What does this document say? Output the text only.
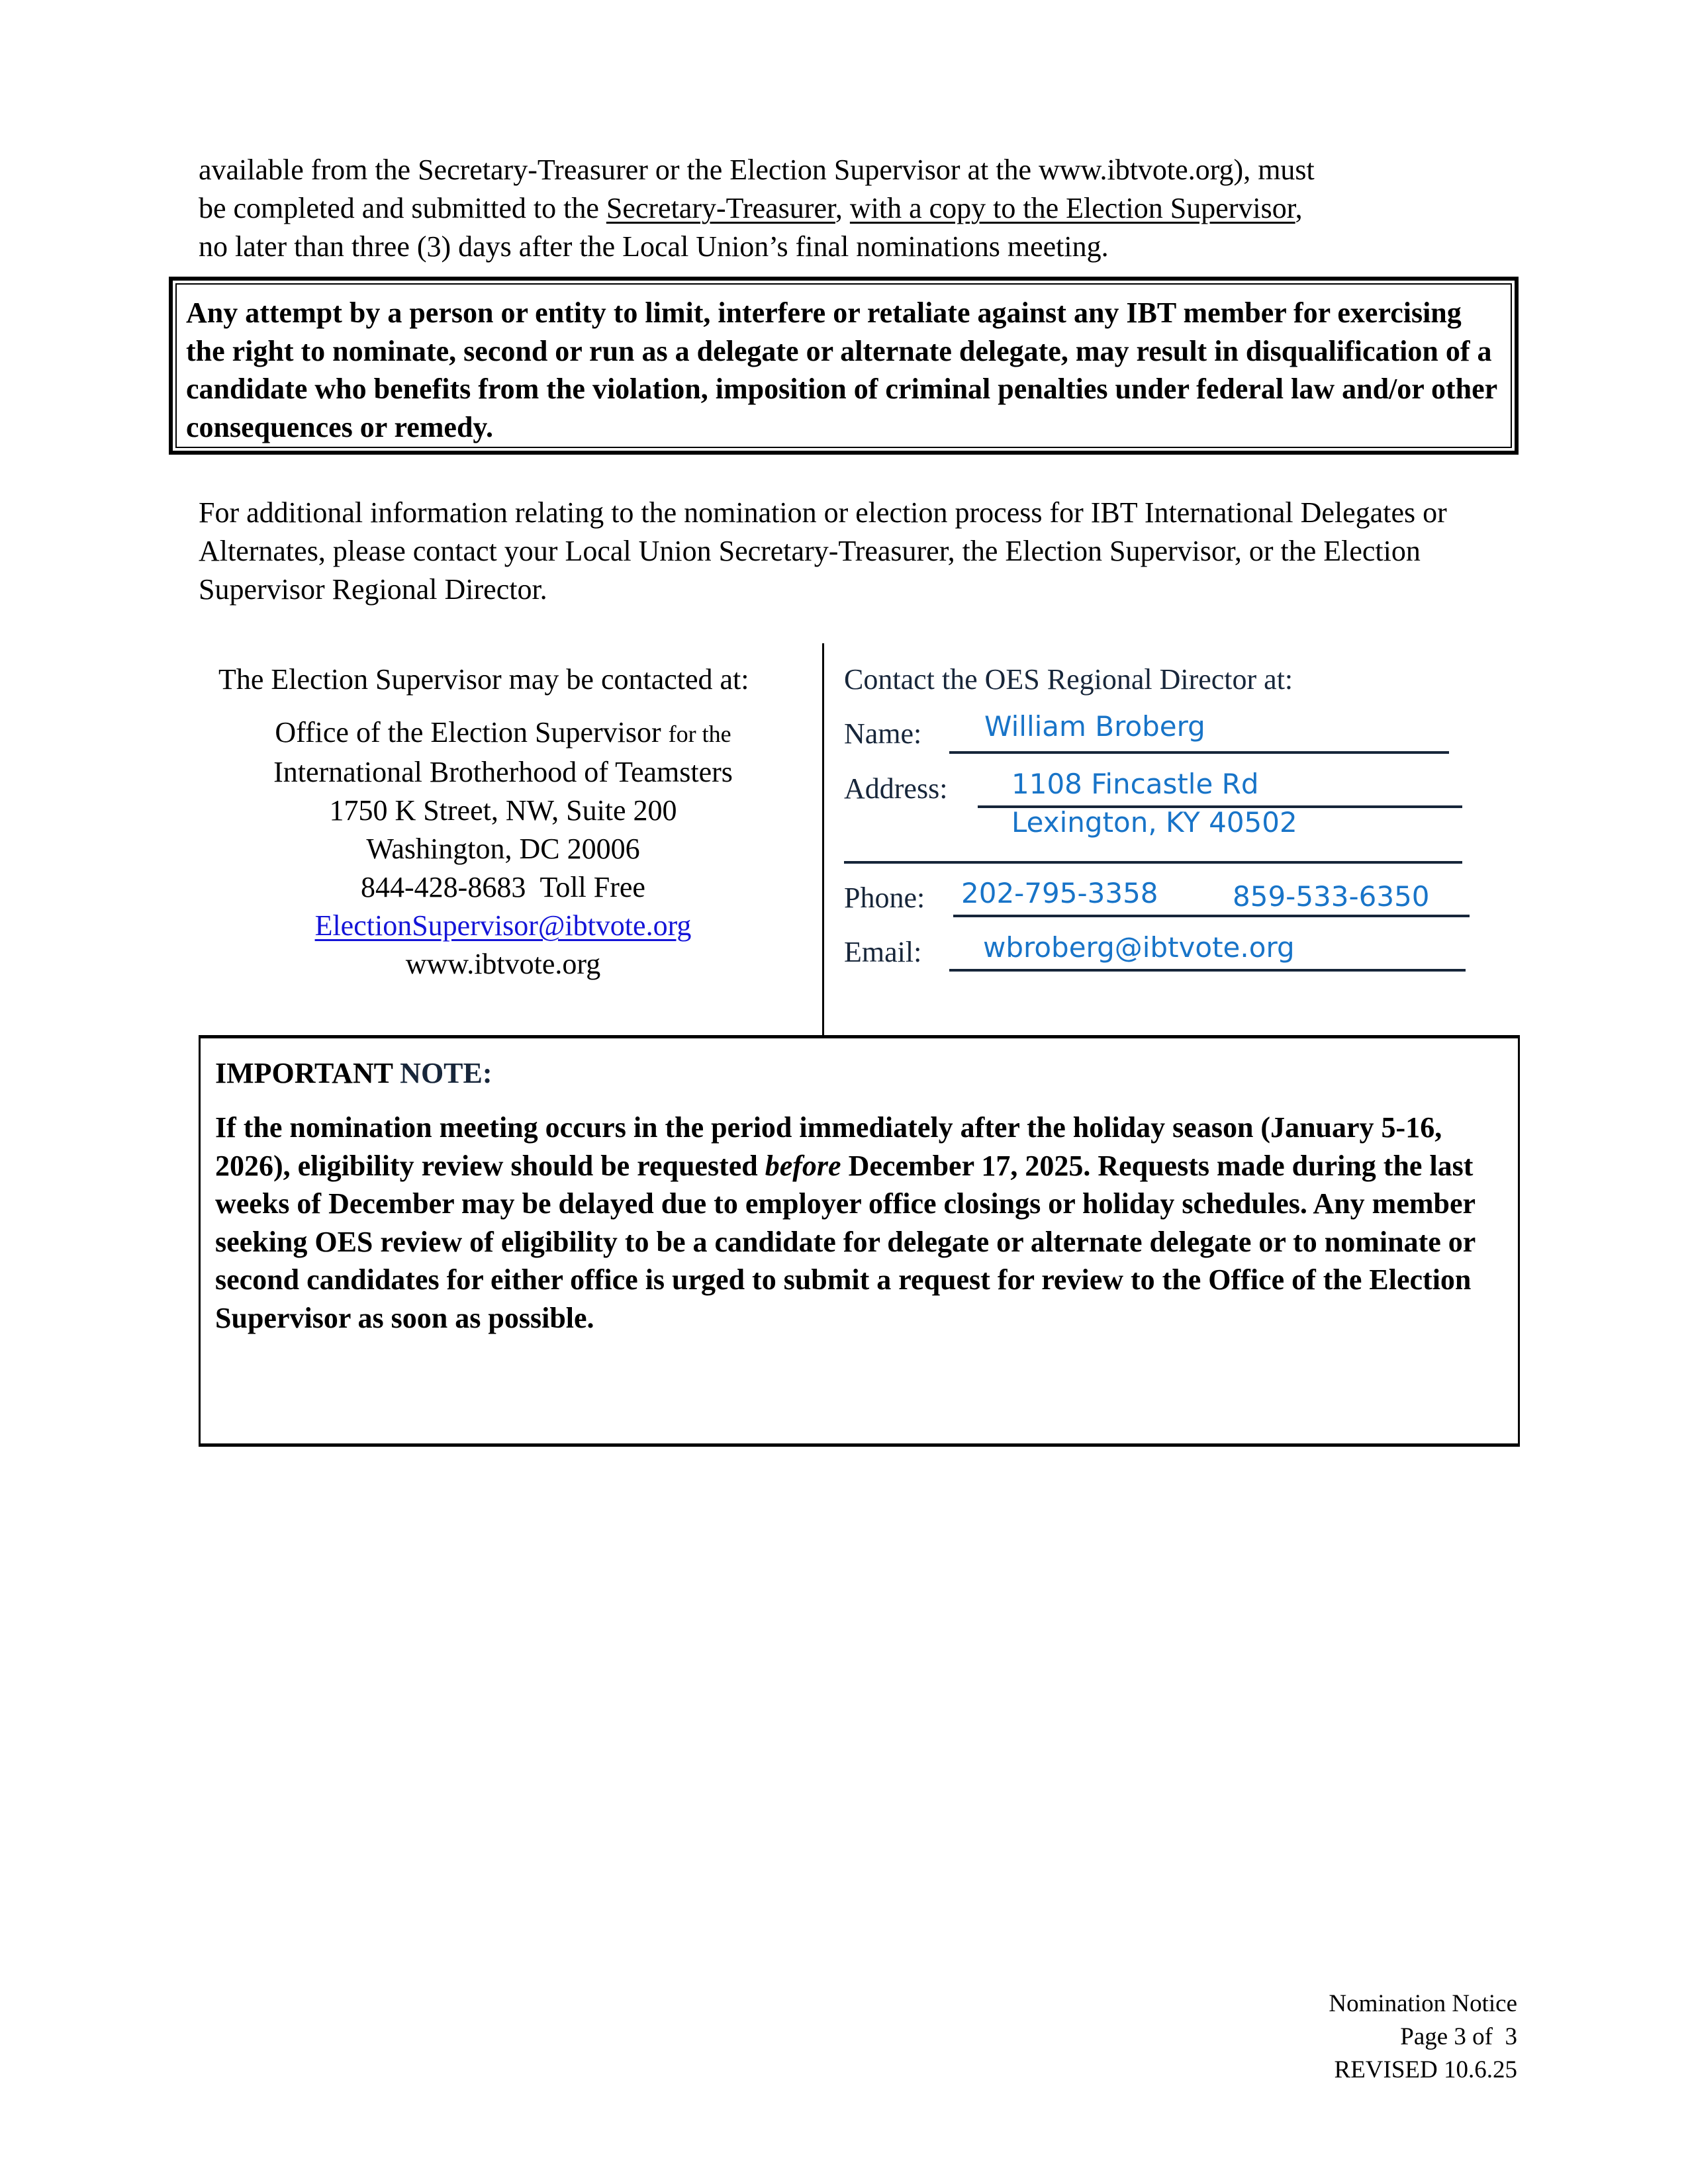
available from the Secretary-Treasurer or the Election Supervisor at the www.ibtvote.org), must
be completed and submitted to the Secretary-Treasurer, with a copy to the Election Supervisor,
no later than three (3) days after the Local Union’s final nominations meeting.
Any attempt by a person or entity to limit, interfere or retaliate against any IBT member for exercising the right to nominate, second or run as a delegate or alternate delegate, may result in disqualification of a candidate who benefits from the violation, imposition of criminal penalties under federal law and/or other consequences or remedy.
For additional information relating to the nomination or election process for IBT International Delegates or Alternates, please contact your Local Union Secretary-Treasurer, the Election Supervisor, or the Election Supervisor Regional Director.
The Election Supervisor may be contacted at:
Office of the Election Supervisor for the
International Brotherhood of Teamsters
1750 K Street, NW, Suite 200
Washington, DC 20006
844-428-8683  Toll Free
ElectionSupervisor@ibtvote.org
www.ibtvote.org
Contact the OES Regional Director at:
Name: William Broberg
Address: 1108 Fincastle Rd
Lexington, KY 40502
Phone: 202-795-3358	859-533-6350
Email: wbroberg@ibtvote.org
IMPORTANT NOTE:
If the nomination meeting occurs in the period immediately after the holiday season (January 5-16, 2026), eligibility review should be requested before December 17, 2025. Requests made during the last weeks of December may be delayed due to employer office closings or holiday schedules. Any member seeking OES review of eligibility to be a candidate for delegate or alternate delegate or to nominate or second candidates for either office is urged to submit a request for review to the Office of the Election Supervisor as soon as possible.
Nomination Notice
Page 3 of  3
REVISED 10.6.25
